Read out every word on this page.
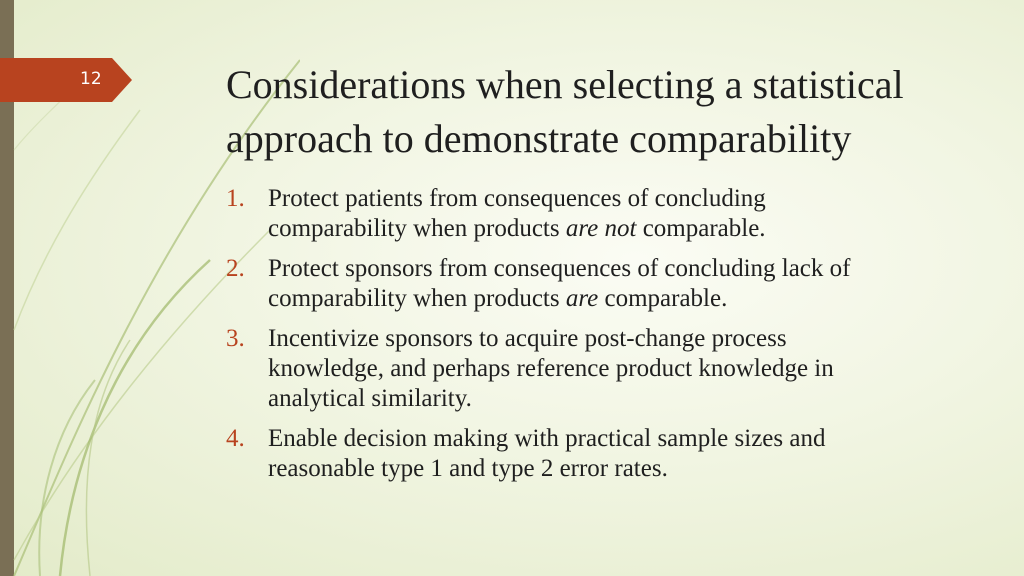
12	Considerations when selecting a statistical
approach to demonstrate comparability
1. Protect patients from consequences of concluding
comparability when products are not comparable.
2. Protect sponsors from consequences of concluding lack of
comparability when products are comparable.
3. Incentivize sponsors to acquire post-change process
knowledge, and perhaps reference product knowledge in
analytical similarity.
4. Enable decision making with practical sample sizes and
reasonable type 1 and type 2 error rates.
